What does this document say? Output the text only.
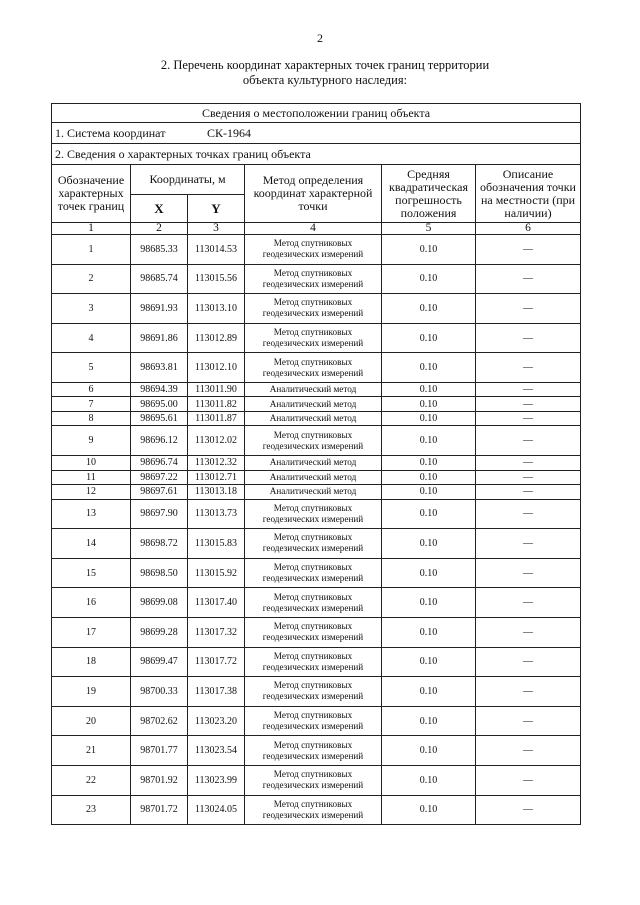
2
2. Перечень координат характерных точек границ территории
объекта культурного наследия:
Сведения о местоположении границ объекта					
1. Система координат СК-1964					
2. Сведения о характерных точках границ объекта					
Обозначение характерных точек границ	Координаты, м		Метод определения координат характерной точки	Средняя квадратическая погрешность положения	Описание обозначения точки на местности (при наличии)
	X	Y			
1	2	3	4	5	6
1	98685.33	113014.53	Метод спутниковых геодезических измерений	0.10	—
2	98685.74	113015.56	Метод спутниковых геодезических измерений	0.10	—
3	98691.93	113013.10	Метод спутниковых геодезических измерений	0.10	—
4	98691.86	113012.89	Метод спутниковых геодезических измерений	0.10	—
5	98693.81	113012.10	Метод спутниковых геодезических измерений	0.10	—
6	98694.39	113011.90	Аналитический метод	0.10	—
7	98695.00	113011.82	Аналитический метод	0.10	—
8	98695.61	113011.87	Аналитический метод	0.10	—
9	98696.12	113012.02	Метод спутниковых геодезических измерений	0.10	—
10	98696.74	113012.32	Аналитический метод	0.10	—
11	98697.22	113012.71	Аналитический метод	0.10	—
12	98697.61	113013.18	Аналитический метод	0.10	—
13	98697.90	113013.73	Метод спутниковых геодезических измерений	0.10	—
14	98698.72	113015.83	Метод спутниковых геодезических измерений	0.10	—
15	98698.50	113015.92	Метод спутниковых геодезических измерений	0.10	—
16	98699.08	113017.40	Метод спутниковых геодезических измерений	0.10	—
17	98699.28	113017.32	Метод спутниковых геодезических измерений	0.10	—
18	98699.47	113017.72	Метод спутниковых геодезических измерений	0.10	—
19	98700.33	113017.38	Метод спутниковых геодезических измерений	0.10	—
20	98702.62	113023.20	Метод спутниковых геодезических измерений	0.10	—
21	98701.77	113023.54	Метод спутниковых геодезических измерений	0.10	—
22	98701.92	113023.99	Метод спутниковых геодезических измерений	0.10	—
23	98701.72	113024.05	Метод спутниковых геодезических измерений	0.10	—
